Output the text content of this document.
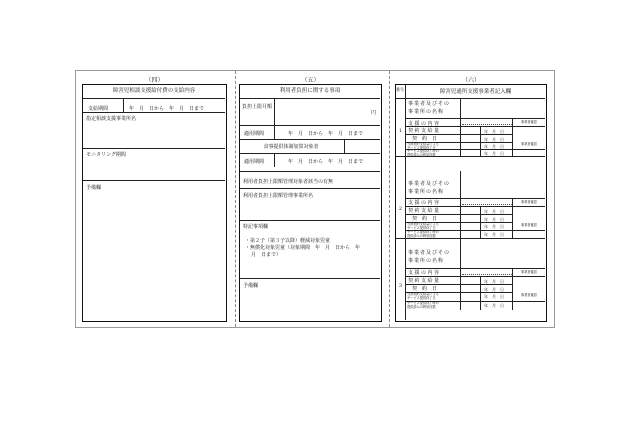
（四）
障害児相談支援給付費の支給内容
支給期間	年　月　日から　年　月　日まで
指定相談支援事業所名
モニタリング期間
予備欄
（五）
利用者負担に関する事項
負担上限月額
円
適用期間	年　月　日から　年　月　日まで
食事提供体制加算対象者
適用期間	年　月　日から　年　月　日まで
利用者負担上限額管理対象者該当の有無
利用者負担上限額管理事業所名
特記事項欄
・第２子（第３子以降）軽減対象児童
・無償化対象児童（対象期間　年　月　日から　年
月　日まで）
予備欄
（六）
番号	障害児通所支援事業者記入欄
1
事業者及びその
事業所の名称
支援の内容	事業者確認
契約支給量	年　月　日
契約日	年　月　日
当該契約支給量による
サービス提供終了日	年　月　日	事業者確認
サービス提供終了時の
提供済みの利用回数	年　月　日
2
事業者及びその
事業所の名称
支援の内容	事業者確認
契約支給量	年　月　日
契約日	年　月　日
当該契約支給量による
サービス提供終了日	年　月　日	事業者確認
サービス提供終了時の
提供済みの利用回数	年　月　日
3
事業者及びその
事業所の名称
支援の内容	事業者確認
契約支給量	年　月　日
契約日	年　月　日
当該契約支給量による
サービス提供終了日	年　月　日	事業者確認
サービス提供終了時の
提供済みの利用回数	年　月　日
